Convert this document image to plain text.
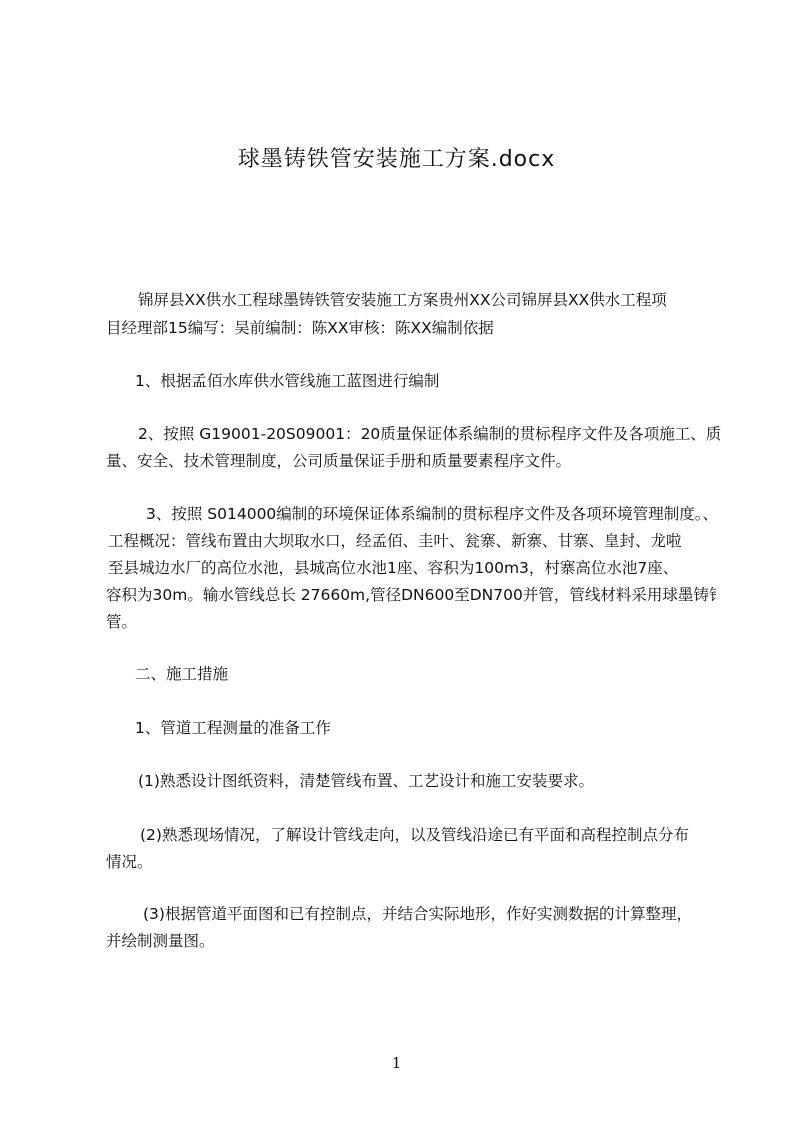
球墨铸铁管安装施工方案.docx
锦屏县XX供水工程球墨铸铁管安装施工方案贵州XX公司锦屏县XX供水工程项
目经理部15编写：吴前编制：陈XX审核：陈XX编制依据
1、根据孟佰水库供水管线施工蓝图进行编制
2、按照 G19001-20S09001：20质量保证体系编制的贯标程序文件及各项施工、质
量、安全、技术管理制度，公司质量保证手册和质量要素程序文件。
3、按照 S014000编制的环境保证体系编制的贯标程序文件及各项环境管理制度。、
工程概况：管线布置由大坝取水口，经孟佰、圭叶、瓮寨、新寨、甘寨、皇封、龙啦
至县城边水厂的高位水池，县城高位水池1座、容积为100m3，村寨高位水池7座、
容积为30m。输水管线总长 27660m,管径DN600至DN700并管，管线材料采用球墨铸钅
管。
二、施工措施
1、管道工程测量的准备工作
(1)熟悉设计图纸资料，清楚管线布置、工艺设计和施工安装要求。
(2)熟悉现场情况，了解设计管线走向，以及管线沿途已有平面和高程控制点分布
情况。
(3)根据管道平面图和已有控制点，并结合实际地形，作好实测数据的计算整理，
并绘制测量图。
1
